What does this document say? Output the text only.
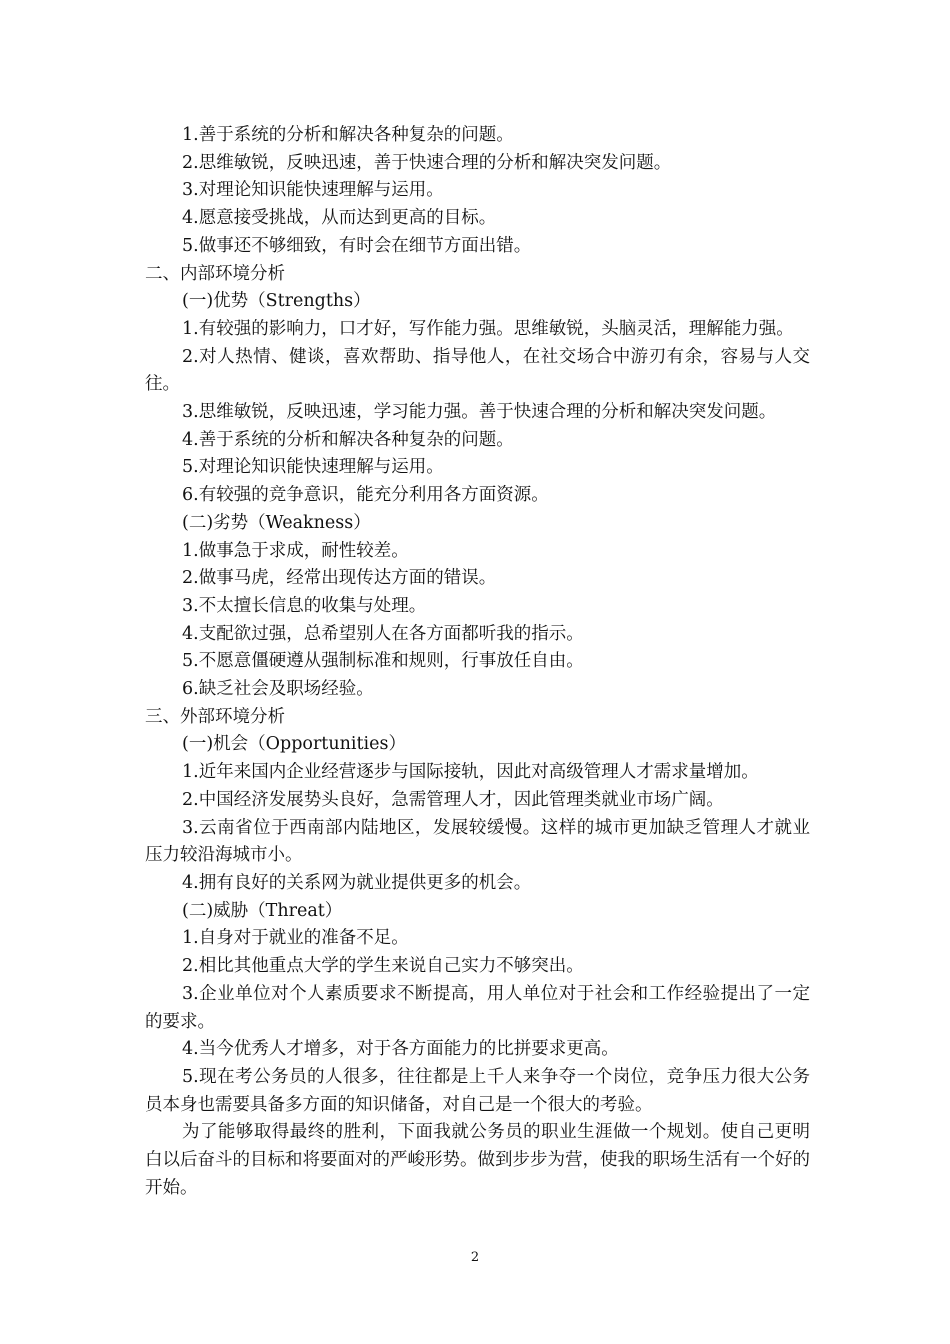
1.善于系统的分析和解决各种复杂的问题。

2.思维敏锐，反映迅速，善于快速合理的分析和解决突发问题。

3.对理论知识能快速理解与运用。

4.愿意接受挑战，从而达到更高的目标。

5.做事还不够细致，有时会在细节方面出错。

二、内部环境分析

(一)优势（Strengths）

1.有较强的影响力，口才好，写作能力强。思维敏锐，头脑灵活，理解能力强。

2.对人热情、健谈，喜欢帮助、指导他人，在社交场合中游刃有余，容易与人交往。

3.思维敏锐，反映迅速，学习能力强。善于快速合理的分析和解决突发问题。

4.善于系统的分析和解决各种复杂的问题。

5.对理论知识能快速理解与运用。

6.有较强的竞争意识，能充分利用各方面资源。

(二)劣势（Weakness）

1.做事急于求成，耐性较差。

2.做事马虎，经常出现传达方面的错误。

3.不太擅长信息的收集与处理。

4.支配欲过强，总希望别人在各方面都听我的指示。

5.不愿意僵硬遵从强制标准和规则，行事放任自由。

6.缺乏社会及职场经验。

三、外部环境分析

(一)机会（Opportunities）

1.近年来国内企业经营逐步与国际接轨，因此对高级管理人才需求量增加。

2.中国经济发展势头良好，急需管理人才，因此管理类就业市场广阔。

3.云南省位于西南部内陆地区，发展较缓慢。这样的城市更加缺乏管理人才就业压力较沿海城市小。

4.拥有良好的关系网为就业提供更多的机会。

(二)威胁（Threat）

1.自身对于就业的准备不足。

2.相比其他重点大学的学生来说自己实力不够突出。

3.企业单位对个人素质要求不断提高，用人单位对于社会和工作经验提出了一定的要求。

4.当今优秀人才增多，对于各方面能力的比拼要求更高。

5.现在考公务员的人很多，往往都是上千人来争夺一个岗位，竞争压力很大公务员本身也需要具备多方面的知识储备，对自己是一个很大的考验。

为了能够取得最终的胜利，下面我就公务员的职业生涯做一个规划。使自己更明白以后奋斗的目标和将要面对的严峻形势。做到步步为营，使我的职场生活有一个好的开始。

2
